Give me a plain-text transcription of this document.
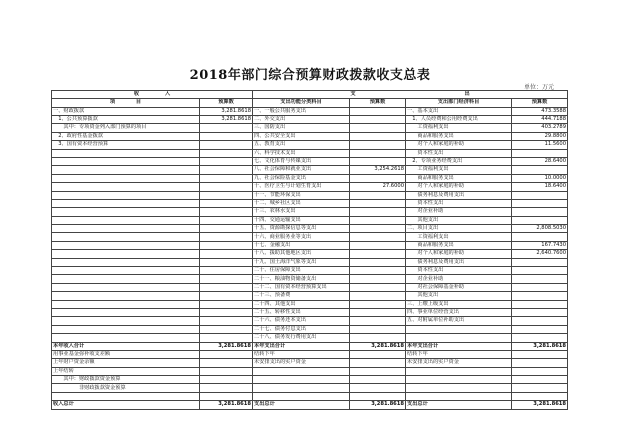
2018年部门综合预算财政拨款收支总表
单位：万元
收　　　　　入		支　　　　　　　　　　　　　　　　　　　　　出			
项　　　　目	预算数	支出功能分类科目	预算数	支出部门经济科目	预算数
一、财政拨款	3,281.8618	一、一般公共服务支出		一、基本支出	473.3588
　1、公共预算拨款	3,281.8618	二、外交支出		　1、人员经费和公用经费支出	444.7188
　　其中：专项资金列入部门预算的项目		三、国防支出		　　工资福利支出	403.2789
　2、政府性基金拨款		四、公共安全支出		　　商品和服务支出	29.8800
　3、国有资本经营预算		五、教育支出		　　对个人和家庭的补助	11.5600
		六、科学技术支出		　　资本性支出	
		七、文化体育与传媒支出		　2、专项业务经费支出	28.6400
		八、社会保障和就业支出	3,254.2618	　　工资福利支出	
		九、社会保险基金支出		　　商品和服务支出	10.0000
		十、医疗卫生与计划生育支出	27.6000	　　对个人和家庭的补助	18.6400
		十一、节能环保支出		　　债务利息及费用支出	
		十二、城乡社区支出		　　资本性支出	
		十三、农林水支出		　　对企业补助	
		十四、交通运输支出		　　其他支出	
		十五、资源勘探信息等支出		二、项目支出	2,808.5030
		十六、商业服务业等支出		　　工资福利支出	
		十七、金融支出		　　商品和服务支出	167.7430
		十八、援助其他地区支出		　　对个人和家庭的补助	2,640.7600
		十九、国土海洋气象等支出		　　债务利息及费用支出	
		二十、住房保障支出		　　资本性支出	
		二十一、粮油物资储备支出		　　对企业补助	
		二十二、国有资本经营预算支出		　　对社会保障基金补助	
		二十三、预备费		　　其他支出	
		二十四、其他支出		三、上缴上级支出	
		二十五、转移性支出		四、事业单位经营支出	
		二十六、债务还本支出		五、对附属单位补助支出	
		二十七、债务付息支出			
		二十八、债务发行费用支出			
本年收入合计	3,281.8618	本年支出合计	3,281.8618	本年支出合计	3,281.8618
用事业基金弥补收支差额		结转下年		结转下年	
上年財户资金余额		未安排支出的实户资金		未安排支出的实户资金	
上年结转					
　　其中：财政拨款资金预算					
　　　　　非财政拨款资金预算					

收入总计	3,281.8618	支出总计	3,281.8618	支出总计	3,281.8618
